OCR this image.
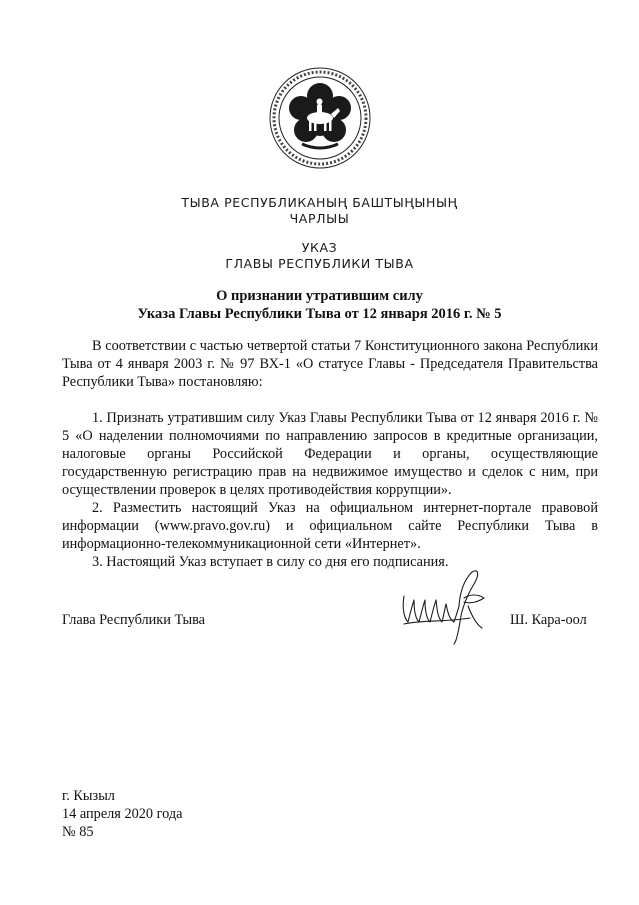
ТЫВА РЕСПУБЛИКАНЫҢ БАШТЫҢЫНЫҢ
ЧАРЛЫЫ
УКАЗ
ГЛАВЫ РЕСПУБЛИКИ ТЫВА
О признании утратившим силу
Указа Главы Республики Тыва от 12 января 2016 г. № 5

В соответствии с частью четвертой статьи 7 Конституционного закона Республики Тыва от 4 января 2003 г. № 97 ВХ-1 «О статусе Главы - Председателя Правительства Республики Тыва» постановляю:

1. Признать утратившим силу Указ Главы Республики Тыва от 12 января 2016 г. № 5 «О наделении полномочиями по направлению запросов в кредитные организации, налоговые органы Российской Федерации и органы, осуществляющие государственную регистрацию прав на недвижимое имущество и сделок с ним, при осуществлении проверок в целях противодействия коррупции».

2. Разместить настоящий Указ на официальном интернет-портале правовой информации (www.pravo.gov.ru) и официальном сайте Республики Тыва в информационно-телекоммуникационной сети «Интернет».

3. Настоящий Указ вступает в силу со дня его подписания.

Глава Республики Тыва	Ш. Кара-оол
г. Кызыл
14 апреля 2020 года
№ 85
